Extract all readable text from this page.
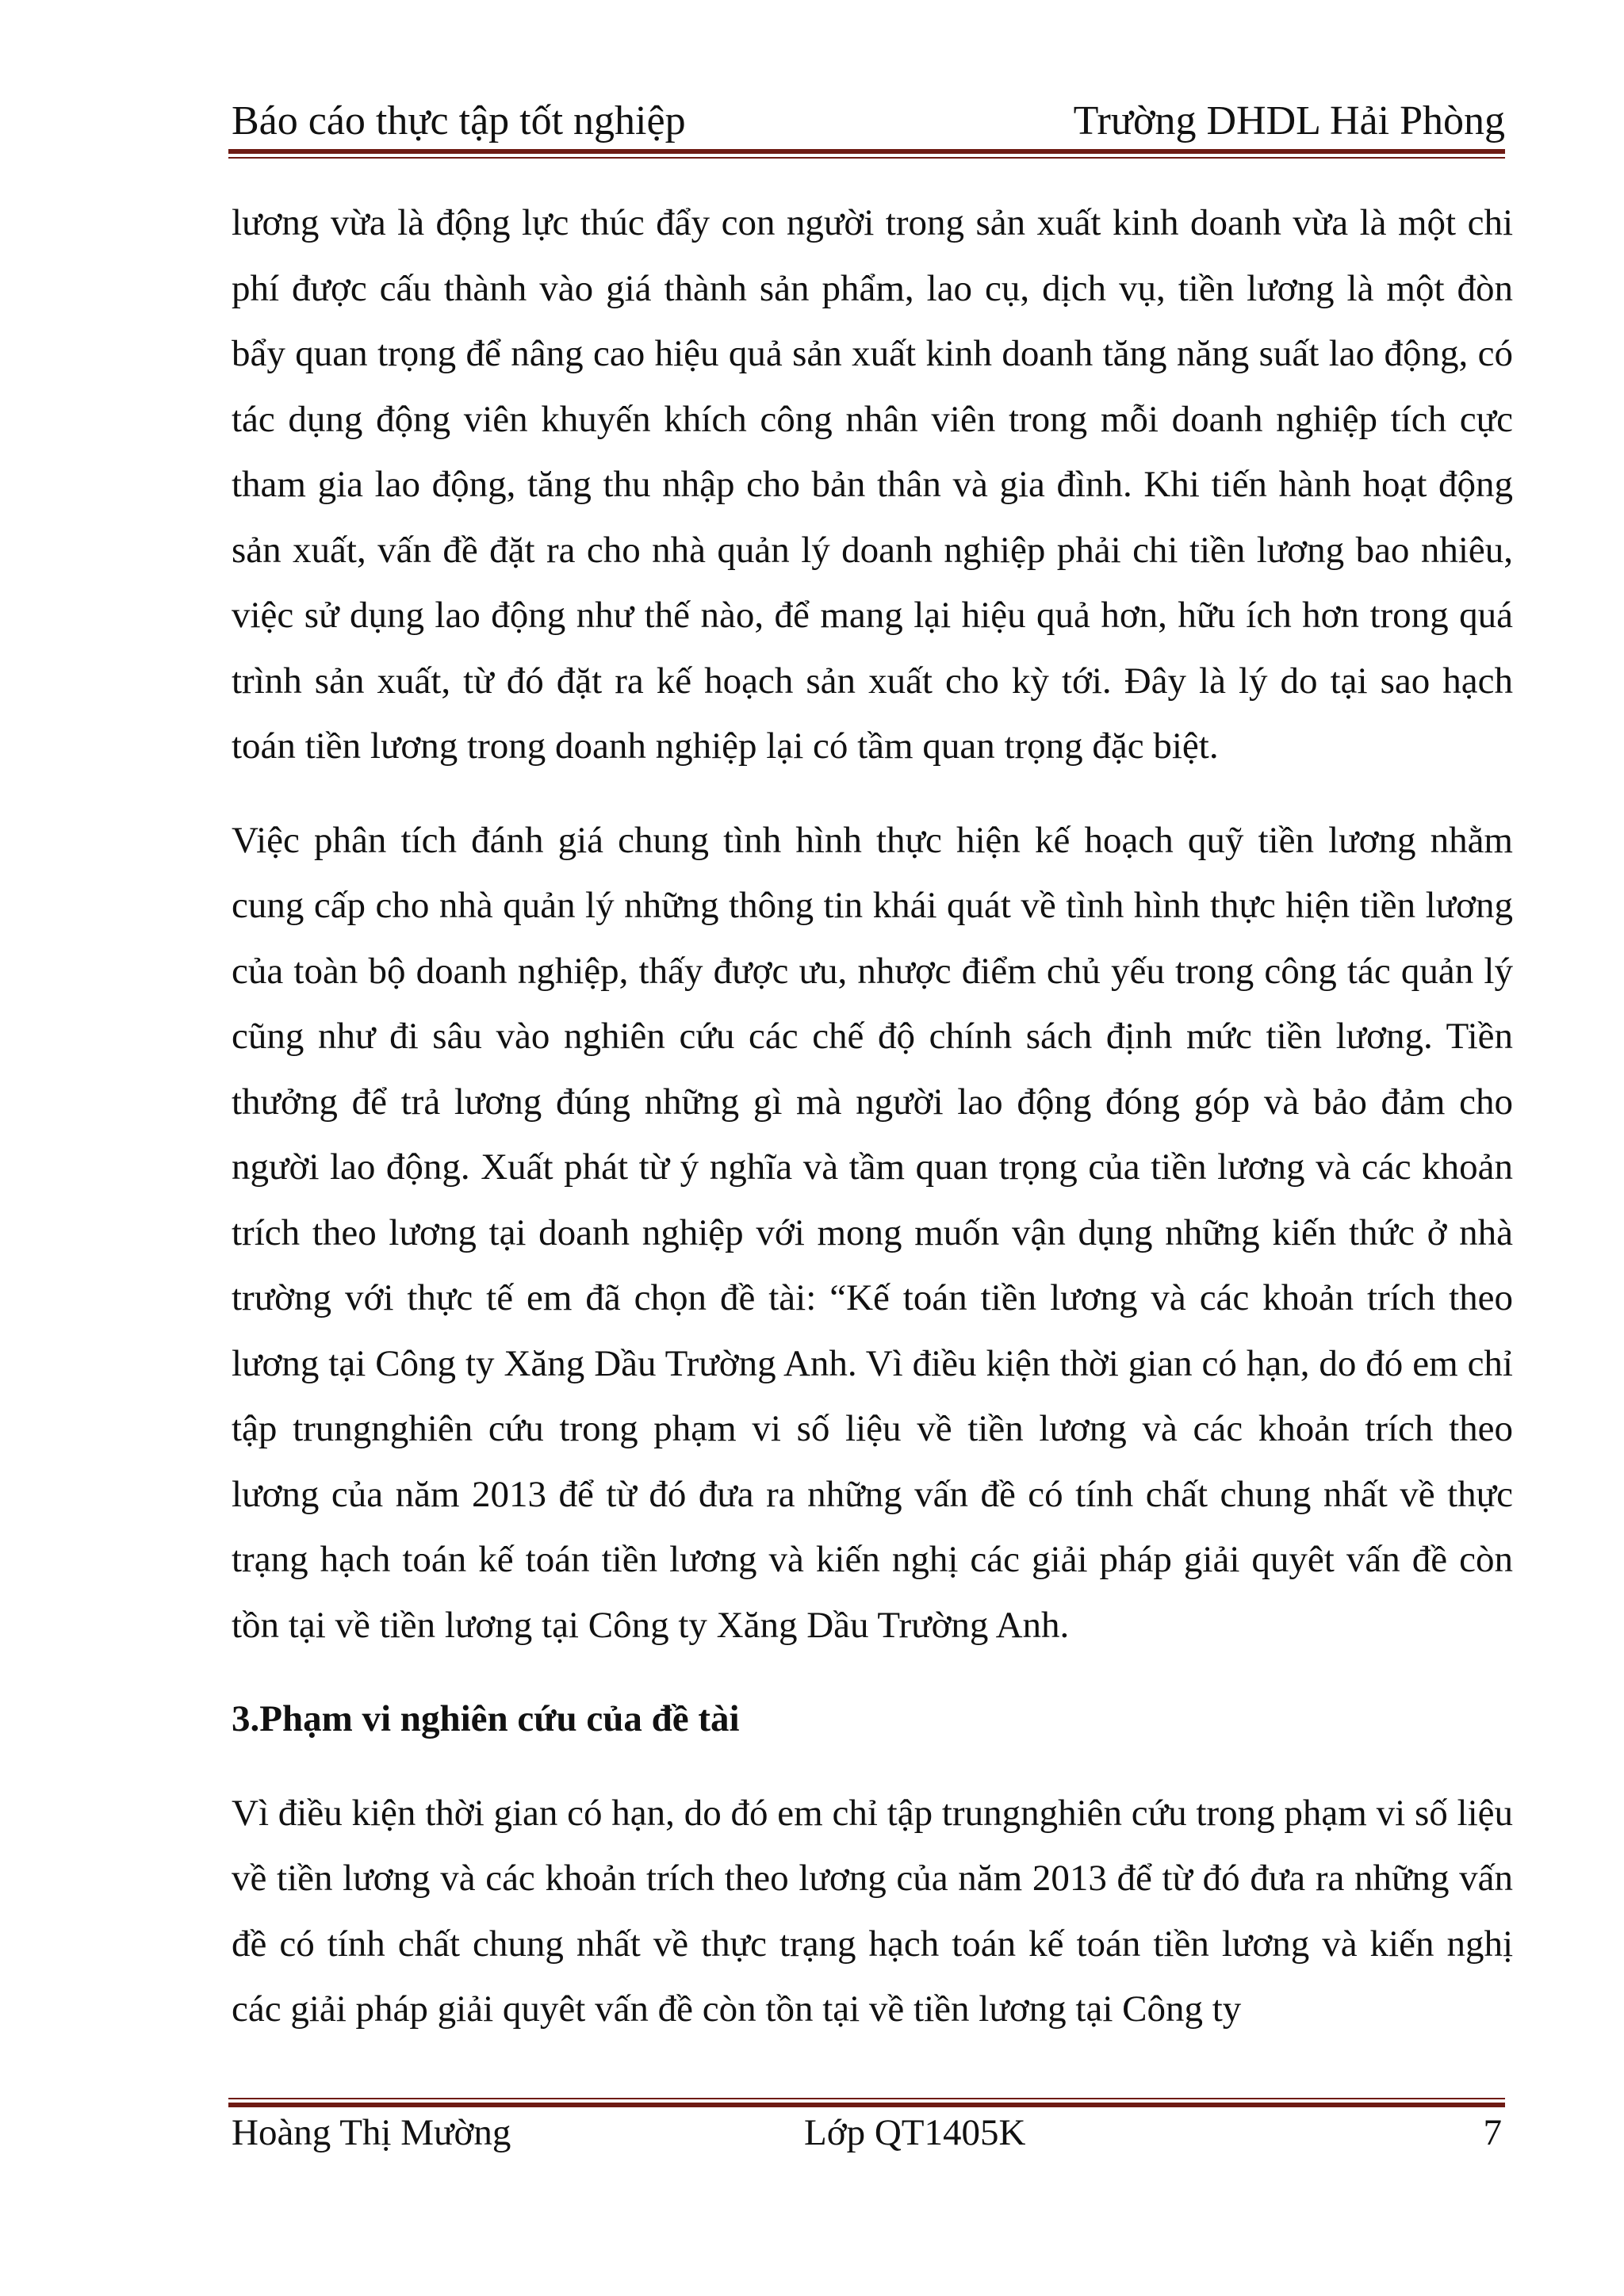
Báo cáo thực tập tốt nghiệp	Trường DHDL Hải Phòng

lương vừa là động lực thúc đẩy con người trong sản xuất kinh doanh vừa là một chi phí được cấu thành vào giá thành sản phẩm, lao cụ, dịch vụ, tiền lương là một đòn bẩy quan trọng để nâng cao hiệu quả sản xuất kinh doanh tăng năng suất lao động, có tác dụng động viên khuyến khích công nhân viên trong mỗi doanh nghiệp tích cực tham gia lao động, tăng thu nhập cho bản thân và gia đình. Khi tiến hành hoạt động sản xuất, vấn đề đặt ra cho nhà quản lý doanh nghiệp phải chi tiền lương bao nhiêu, việc sử dụng lao động như thế nào, để mang lại hiệu quả hơn, hữu ích hơn trong quá trình sản xuất, từ đó đặt ra kế hoạch sản xuất cho kỳ tới. Đây là lý do tại sao hạch toán tiền lương trong doanh nghiệp lại có tầm quan trọng đặc biệt.

Việc phân tích đánh giá chung tình hình thực hiện kế hoạch quỹ tiền lương nhằm cung cấp cho nhà quản lý những thông tin khái quát về tình hình thực hiện tiền lương của toàn bộ doanh nghiệp, thấy được ưu, nhược điểm chủ yếu trong công tác quản lý cũng như đi sâu vào nghiên cứu các chế độ chính sách định mức tiền lương. Tiền thưởng để trả lương đúng những gì mà người lao động đóng góp và bảo đảm cho người lao động. Xuất phát từ ý nghĩa và tầm quan trọng của tiền lương và các khoản trích theo lương tại doanh nghiệp với mong muốn vận dụng những kiến thức ở nhà trường với thực tế em đã chọn đề tài: “Kế toán tiền lương và các khoản trích theo lương tại Công ty Xăng Dầu Trường Anh. Vì điều kiện thời gian có hạn, do đó em chỉ tập trungnghiên cứu trong phạm vi số liệu về tiền lương và các khoản trích theo lương của năm 2013 để từ đó đưa ra những vấn đề có tính chất chung nhất về thực trạng hạch toán kế toán tiền lương và kiến nghị các giải pháp giải quyêt vấn đề còn tồn tại về tiền lương tại Công ty Xăng Dầu Trường Anh.

3.Phạm vi nghiên cứu của đề tài

Vì điều kiện thời gian có hạn, do đó em chỉ tập trungnghiên cứu trong phạm vi số liệu về tiền lương và các khoản trích theo lương của năm 2013 để từ đó đưa ra những vấn đề có tính chất chung nhất về thực trạng hạch toán kế toán tiền lương và kiến nghị các giải pháp giải quyêt vấn đề còn tồn tại về tiền lương tại Công ty

Hoàng Thị Mường	Lớp QT1405K	7
